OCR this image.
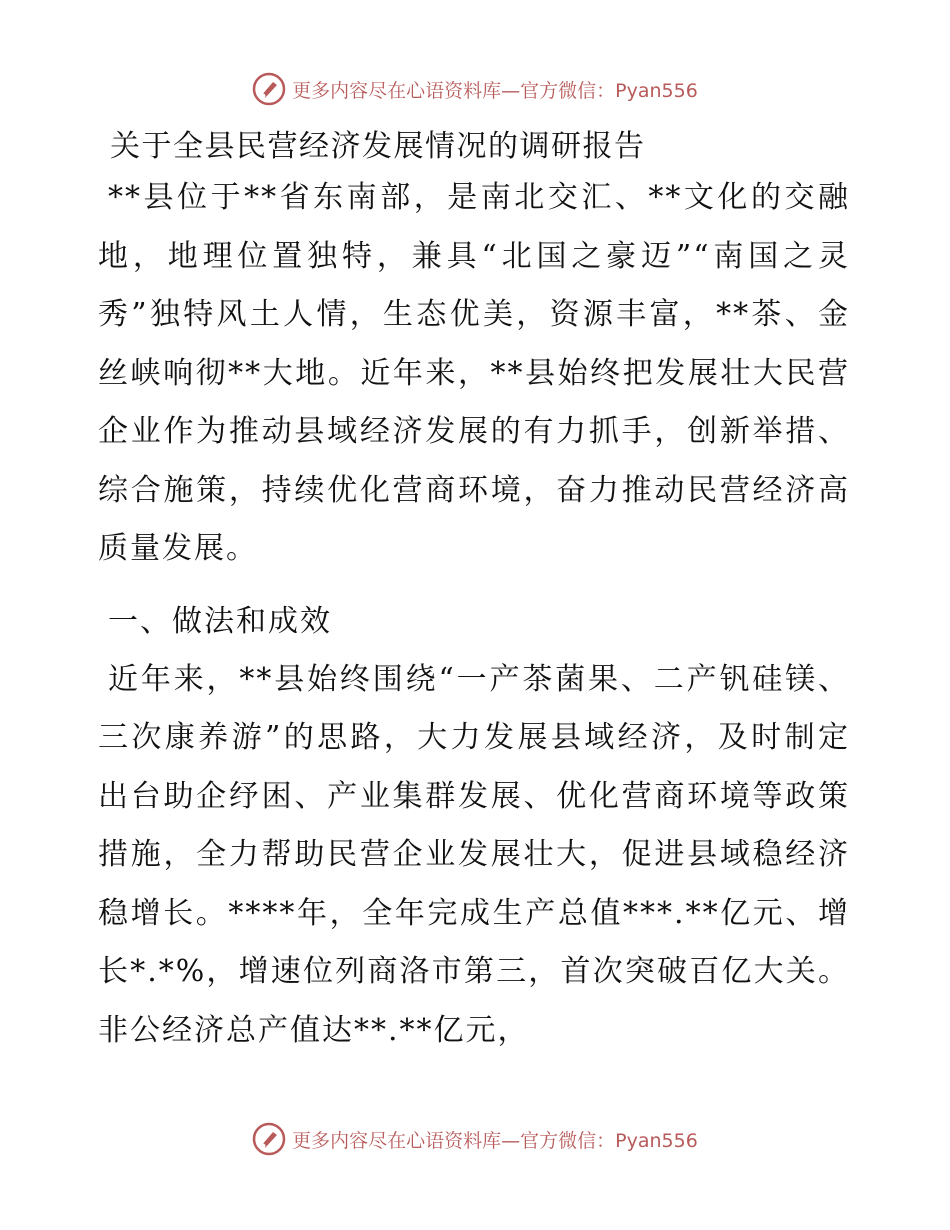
更多内容尽在心语资料库—官方微信：Pyan556
关于全县民营经济发展情况的调研报告

**县位于**省东南部，是南北交汇、**文化的交融地，地理位置独特，兼具“北国之豪迈”“南国之灵秀”独特风土人情，生态优美，资源丰富，**茶、金丝峡响彻**大地。近年来，**县始终把发展壮大民营企业作为推动县域经济发展的有力抓手，创新举措、综合施策，持续优化营商环境，奋力推动民营经济高质量发展。

一、做法和成效

近年来，**县始终围绕“一产茶菌果、二产钒硅镁、三次康养游”的思路，大力发展县域经济，及时制定出台助企纾困、产业集群发展、优化营商环境等政策措施，全力帮助民营企业发展壮大，促进县域稳经济稳增长。****年，全年完成生产总值***.**亿元、增长*.*%，增速位列商洛市第三，首次突破百亿大关。非公经济总产值达**.**亿元，

更多内容尽在心语资料库—官方微信：Pyan556
